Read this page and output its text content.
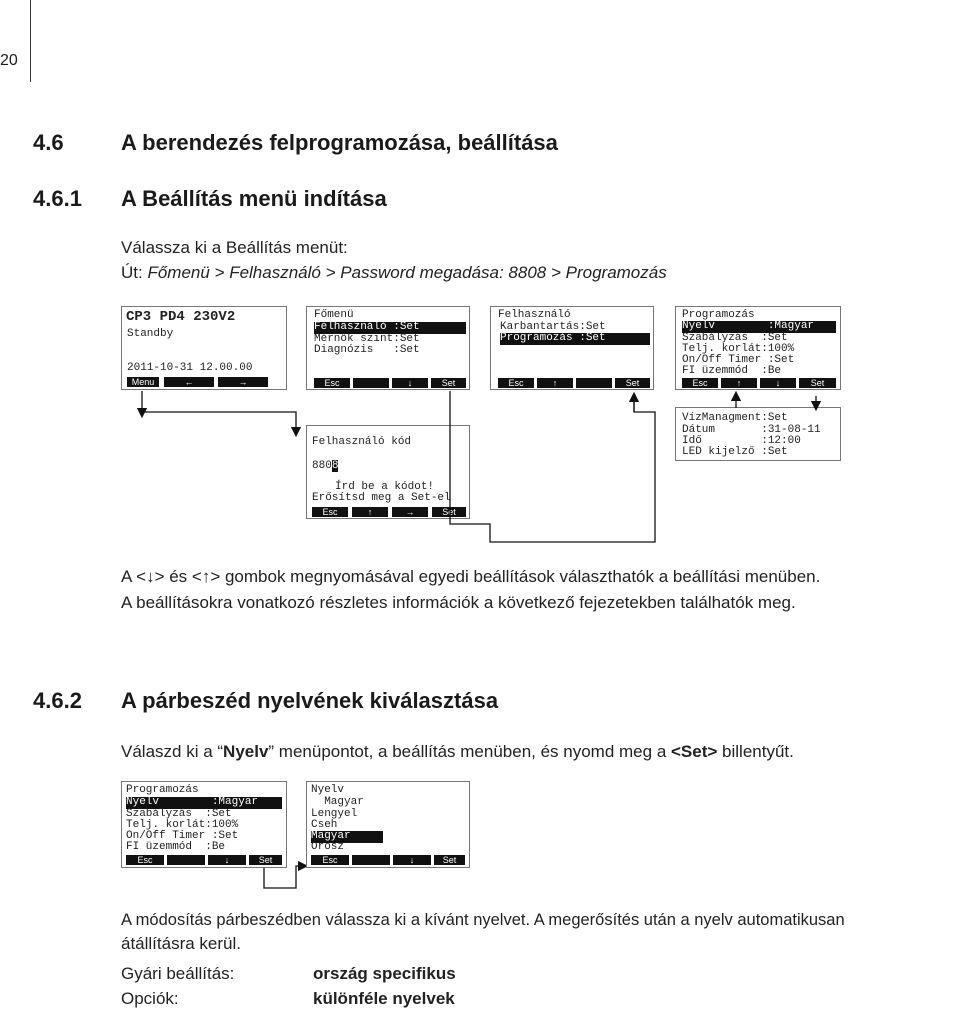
20
4.6	A berendezés felprogramozása, beállítása
4.6.1 A Beállítás menü indítása
Válassza ki a Beállítás menüt:
Út: Főmenü > Felhasználó > Password megadása: 8808 > Programozás
CP3 PD4 230V2
Standby
2011-10-31 12.00.00
Menu	←	→
Főmenü
Felhasználó :Set
Mérnök szint:Set
Diagnózis   :Set
Esc	↓	Set
Felhasználó
Karbantartás:Set
Programozás :Set
Esc	↑	Set
Programozás
Nyelv        :Magyar
Szabályzás  :Set
Telj. korlát:100%
On/Off Timer :Set
FI üzemmód  :Be
Esc	↑	↓	Set
VízManagment:Set
Dátum       :31-08-11
Idő         :12:00
LED kijelző :Set
Felhasználó kód
8808
Írd be a kódot!
Erősítsd meg a Set-el
Esc	↑	→	Set
A <↓> és <↑> gombok megnyomásával egyedi beállítások választhatók a beállítási menüben.
A beállításokra vonatkozó részletes információk a következő fejezetekben találhatók meg.
4.6.2 A párbeszéd nyelvének kiválasztása
Válaszd ki a “Nyelv” menüpontot, a beállítás menüben, és nyomd meg a <Set> billentyűt.
Programozás
Nyelv        :Magyar
Szabályzás  :Set
Telj. korlát:100%
On/Off Timer :Set
FI üzemmód  :Be
Esc	↓	Set
Nyelv
Magyar
Lengyel
Cseh
Magyar
Orosz
Esc	↓	Set
A módosítás párbeszédben válassza ki a kívánt nyelvet. A megerősítés után a nyelv automatikusan
átállításra kerül.
Gyári beállítás:	ország specifikus
Opciók:	különféle nyelvek
